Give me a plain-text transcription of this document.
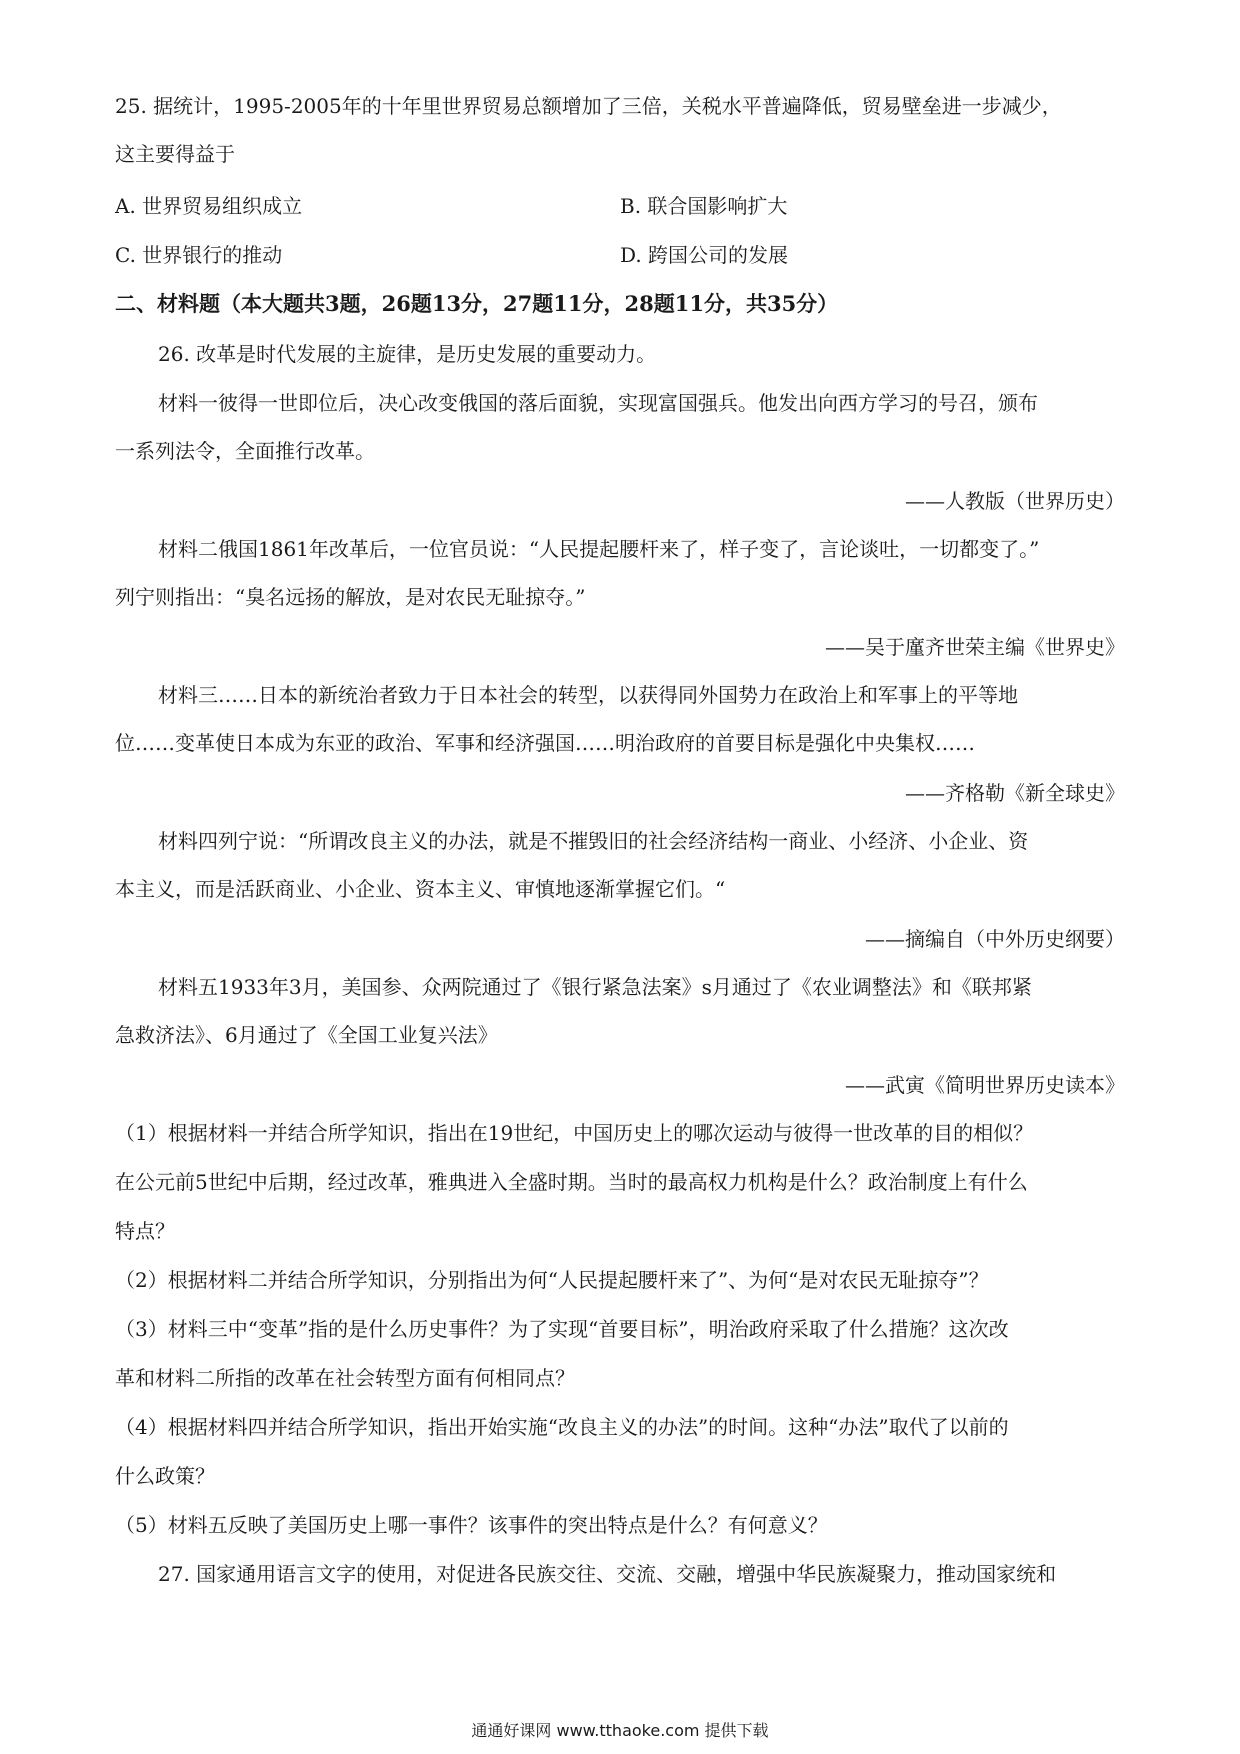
25. 据统计，1995-2005年的十年里世界贸易总额增加了三倍，关税水平普遍降低，贸易壁垒进一步减少，
这主要得益于
A. 世界贸易组织成立	B. 联合国影响扩大
C. 世界银行的推动	D. 跨国公司的发展
二、材料题（本大题共3题，26题13分，27题11分，28题11分，共35分）
26. 改革是时代发展的主旋律，是历史发展的重要动力。
材料一彼得一世即位后，决心改变俄国的落后面貌，实现富国强兵。他发出向西方学习的号召，颁布
一系列法令，全面推行改革。
——人教版（世界历史）
材料二俄国1861年改革后，一位官员说：“人民提起腰杆来了，样子变了，言论谈吐，一切都变了。”
列宁则指出：“臭名远扬的解放，是对农民无耻掠夺。”
——吴于廑齐世荣主编《世界史》
材料三……日本的新统治者致力于日本社会的转型，以获得同外国势力在政治上和军事上的平等地
位……变革使日本成为东亚的政治、军事和经济强国……明治政府的首要目标是强化中央集权……
——齐格勒《新全球史》
材料四列宁说：“所谓改良主义的办法，就是不摧毁旧的社会经济结构一商业、小经济、小企业、资
本主义，而是活跃商业、小企业、资本主义、审慎地逐渐掌握它们。“
——摘编自（中外历史纲要）
材料五1933年3月，美国参、众两院通过了《银行紧急法案》s月通过了《农业调整法》和《联邦紧
急救济法》、6月通过了《全国工业复兴法》
——武寅《简明世界历史读本》
（1）根据材料一并结合所学知识，指出在19世纪，中国历史上的哪次运动与彼得一世改革的目的相似？
在公元前5世纪中后期，经过改革，雅典进入全盛时期。当时的最高权力机构是什么？政治制度上有什么
特点？
（2）根据材料二并结合所学知识，分别指出为何“人民提起腰杆来了”、为何“是对农民无耻掠夺”？
（3）材料三中“变革”指的是什么历史事件？为了实现“首要目标”，明治政府采取了什么措施？这次改
革和材料二所指的改革在社会转型方面有何相同点？
（4）根据材料四并结合所学知识，指出开始实施“改良主义的办法”的时间。这种“办法”取代了以前的
什么政策？
（5）材料五反映了美国历史上哪一事件？该事件的突出特点是什么？有何意义？
27. 国家通用语言文字的使用，对促进各民族交往、交流、交融，增强中华民族凝聚力，推动国家统和
通通好课网 www.tthaoke.com 提供下载
